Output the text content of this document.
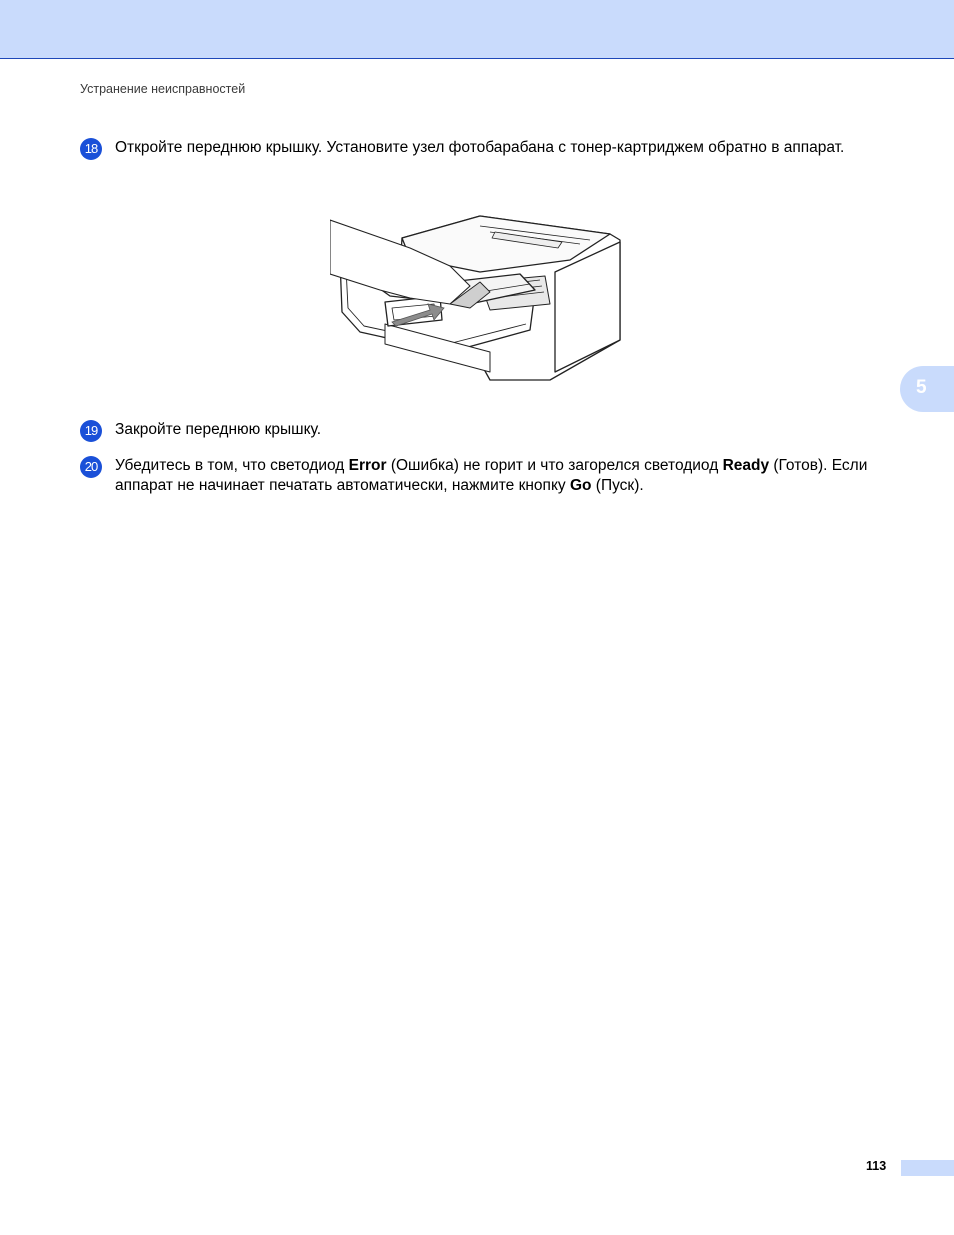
Устранение неисправностей
18	Откройте переднюю крышку. Установите узел фотобарабана с тонер-картриджем обратно в аппарат.
5
19	Закройте переднюю крышку.
20	Убедитесь в том, что светодиод Error (Ошибка) не горит и что загорелся светодиод Ready (Готов). Если аппарат не начинает печатать автоматически, нажмите кнопку Go (Пуск).
113
